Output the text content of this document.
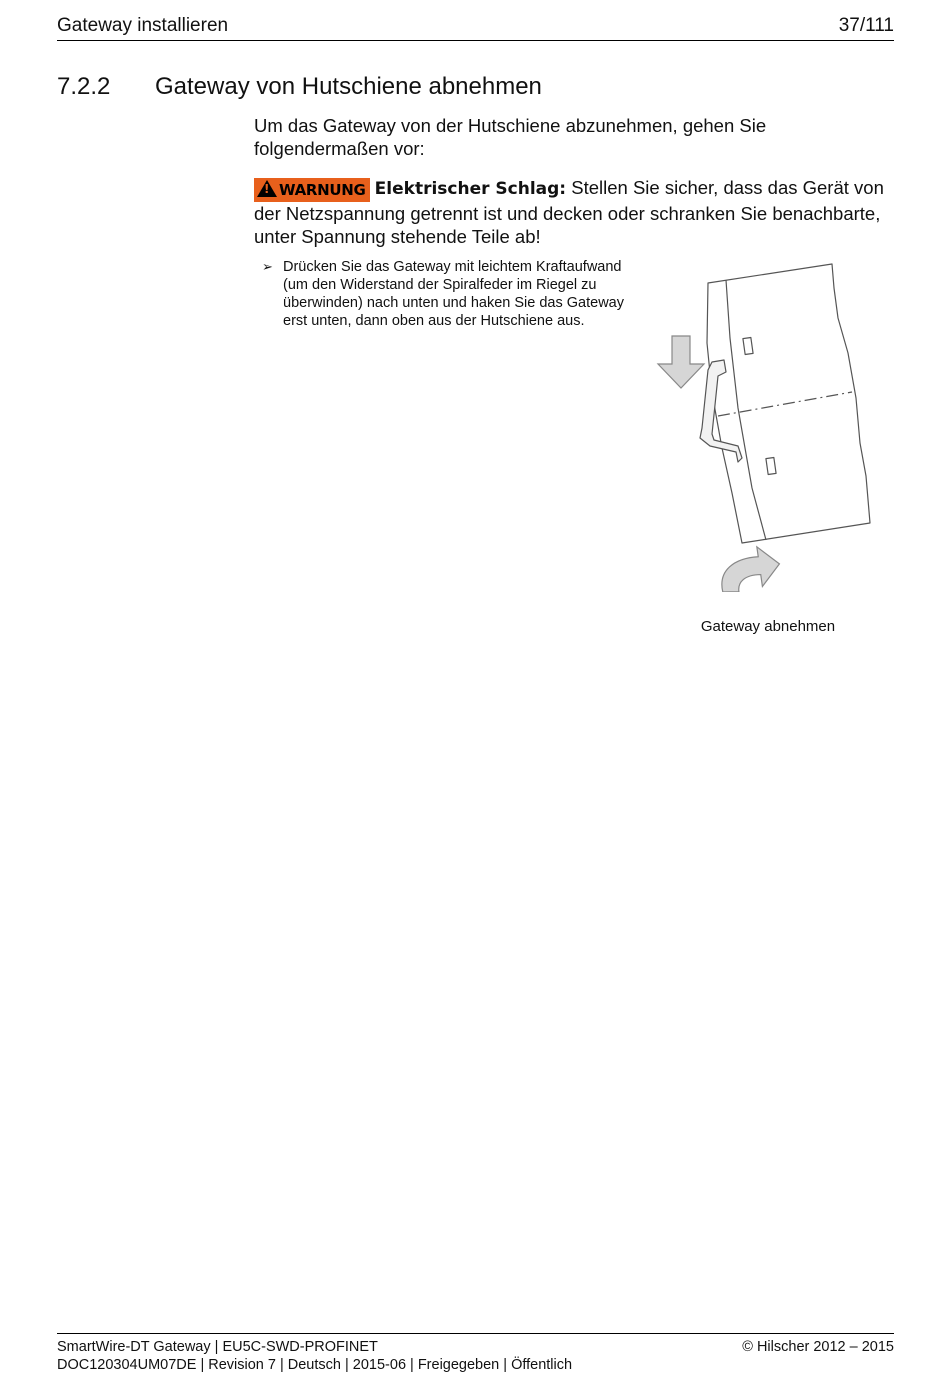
Gateway installieren	37/111
7.2.2	Gateway von Hutschiene abnehmen
Um das Gateway von der Hutschiene abzunehmen, gehen Sie folgendermaßen vor:
!WARNUNG Elektrischer Schlag: Stellen Sie sicher, dass das Gerät von der Netzspannung getrennt ist und decken oder schranken Sie benachbarte, unter Spannung stehende Teile ab!
➢ Drücken Sie das Gateway mit leichtem Kraftaufwand (um den Widerstand der Spiralfeder im Riegel zu überwinden) nach unten und haken Sie das Gateway erst unten, dann oben aus der Hutschiene aus.
Gateway abnehmen
SmartWire-DT Gateway | EU5C-SWD-PROFINET	© Hilscher 2012 – 2015
DOC120304UM07DE | Revision 7 | Deutsch | 2015-06 | Freigegeben | Öffentlich
